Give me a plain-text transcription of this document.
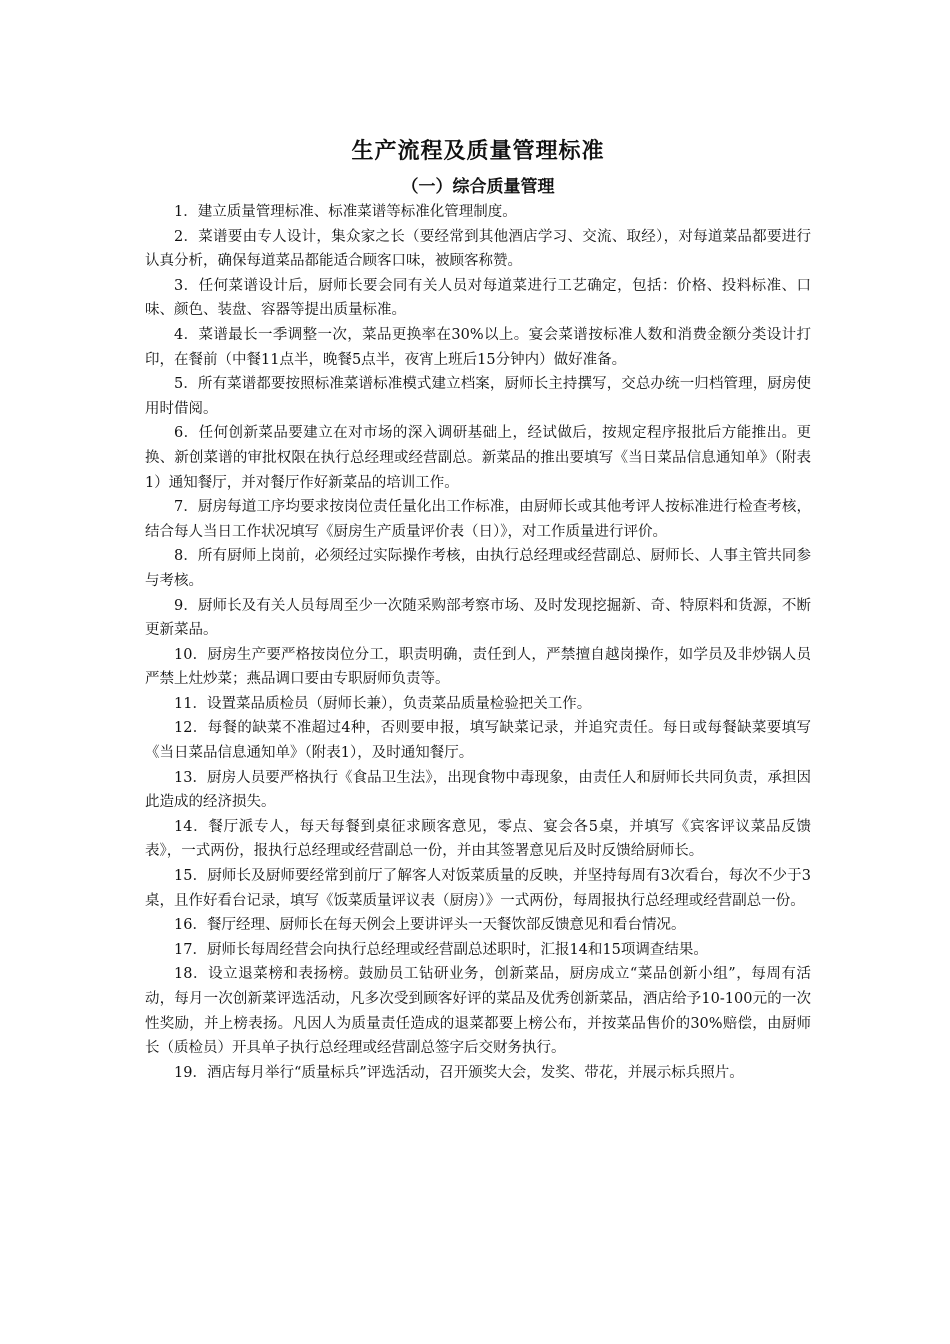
生产流程及质量管理标准
（一）综合质量管理

1．建立质量管理标准、标准菜谱等标准化管理制度。

2．菜谱要由专人设计，集众家之长（要经常到其他酒店学习、交流、取经），对每道菜品都要进行认真分析，确保每道菜品都能适合顾客口味，被顾客称赞。

3．任何菜谱设计后，厨师长要会同有关人员对每道菜进行工艺确定，包括：价格、投料标准、口味、颜色、装盘、容器等提出质量标准。

4．菜谱最长一季调整一次，菜品更换率在30%以上。宴会菜谱按标准人数和消费金额分类设计打印，在餐前（中餐11点半，晚餐5点半，夜宵上班后15分钟内）做好准备。

5．所有菜谱都要按照标准菜谱标准模式建立档案，厨师长主持撰写，交总办统一归档管理，厨房使用时借阅。

6．任何创新菜品要建立在对市场的深入调研基础上，经试做后，按规定程序报批后方能推出。更换、新创菜谱的审批权限在执行总经理或经营副总。新菜品的推出要填写《当日菜品信息通知单》（附表1）通知餐厅，并对餐厅作好新菜品的培训工作。

7．厨房每道工序均要求按岗位责任量化出工作标准，由厨师长或其他考评人按标准进行检查考核，结合每人当日工作状况填写《厨房生产质量评价表（日）》，对工作质量进行评价。

8．所有厨师上岗前，必须经过实际操作考核，由执行总经理或经营副总、厨师长、人事主管共同参与考核。

9．厨师长及有关人员每周至少一次随采购部考察市场、及时发现挖掘新、奇、特原料和货源，不断更新菜品。

10．厨房生产要严格按岗位分工，职责明确，责任到人，严禁擅自越岗操作，如学员及非炒锅人员严禁上灶炒菜；燕品调口要由专职厨师负责等。

11．设置菜品质检员（厨师长兼），负责菜品质量检验把关工作。

12．每餐的缺菜不准超过4种，否则要申报，填写缺菜记录，并追究责任。每日或每餐缺菜要填写《当日菜品信息通知单》（附表1），及时通知餐厅。

13．厨房人员要严格执行《食品卫生法》，出现食物中毒现象，由责任人和厨师长共同负责，承担因此造成的经济损失。

14．餐厅派专人，每天每餐到桌征求顾客意见，零点、宴会各5桌，并填写《宾客评议菜品反馈表》，一式两份，报执行总经理或经营副总一份，并由其签署意见后及时反馈给厨师长。

15．厨师长及厨师要经常到前厅了解客人对饭菜质量的反映，并坚持每周有3次看台，每次不少于3桌，且作好看台记录，填写《饭菜质量评议表（厨房）》一式两份，每周报执行总经理或经营副总一份。

16．餐厅经理、厨师长在每天例会上要讲评头一天餐饮部反馈意见和看台情况。

17．厨师长每周经营会向执行总经理或经营副总述职时，汇报14和15项调查结果。

18．设立退菜榜和表扬榜。鼓励员工钻研业务，创新菜品，厨房成立“菜品创新小组”，每周有活动，每月一次创新菜评选活动，凡多次受到顾客好评的菜品及优秀创新菜品，酒店给予10-100元的一次性奖励，并上榜表扬。凡因人为质量责任造成的退菜都要上榜公布，并按菜品售价的30%赔偿，由厨师长（质检员）开具单子执行总经理或经营副总签字后交财务执行。

19．酒店每月举行“质量标兵”评选活动，召开颁奖大会，发奖、带花，并展示标兵照片。
